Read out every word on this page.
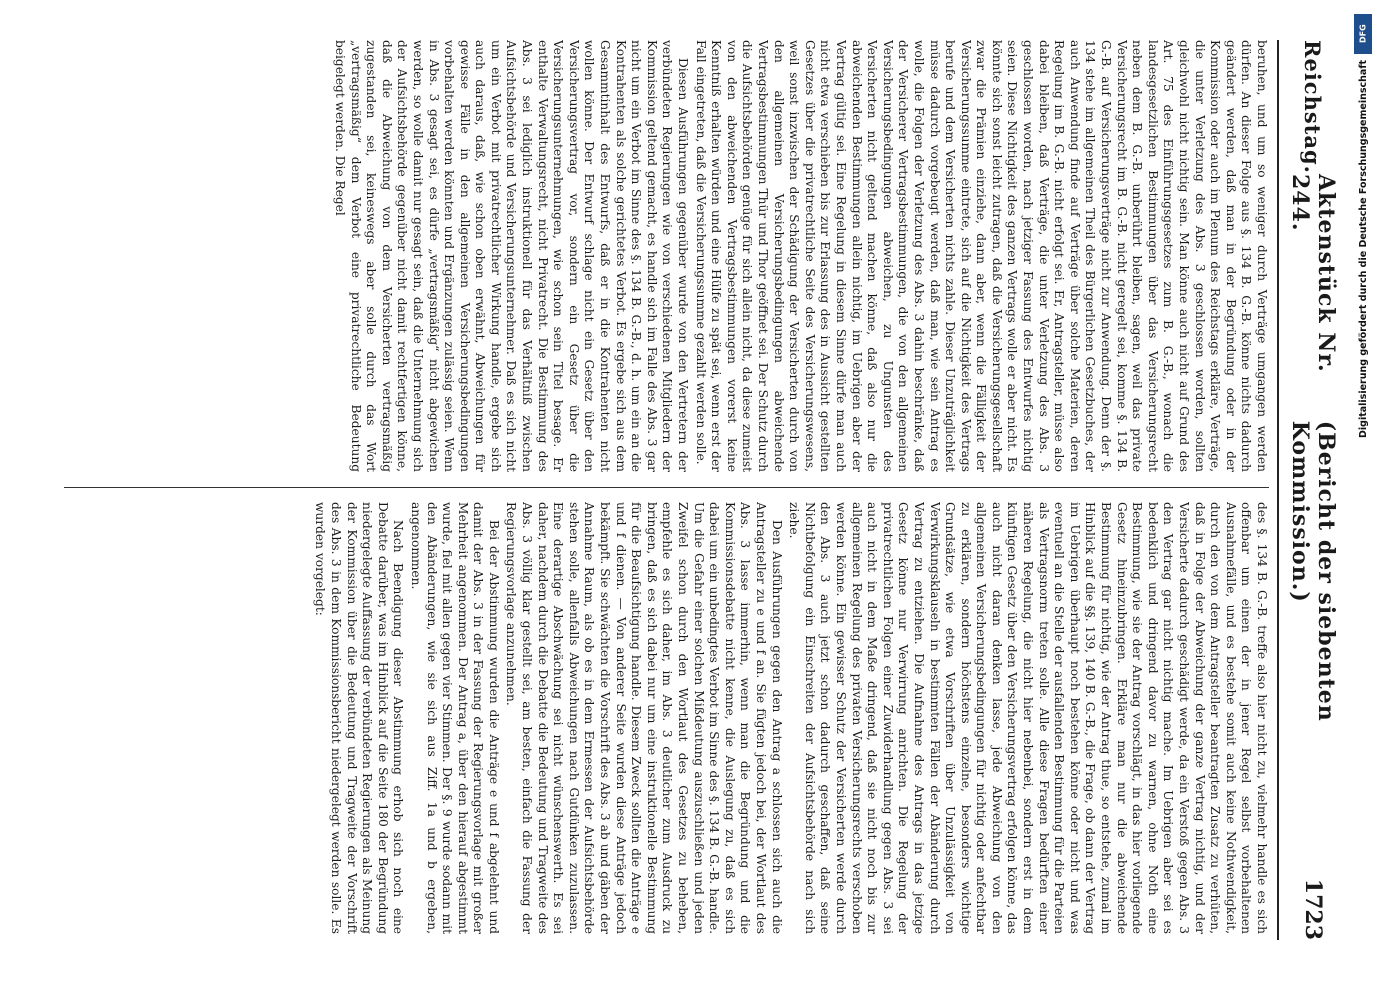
Reichstag.
Aktenstück Nr. 244.
(Bericht der siebenten Kommission.)
1723

beruhen, und um so weniger durch Verträge umgangen werden dürfen. An dieser Folge aus §. 134 B. G.-B. könne nichts dadurch geändert werden, daß man in der Begründung oder in der Kommission oder auch im Plenum des Reichstags erkläre, Verträge, die unter Verletzung des Abs. 3 geschlossen worden, sollten gleichwohl nicht nichtig sein. Man könne auch nicht auf Grund des Art. 75 des Einführungsgesetzes zum B. G.-B., wonach die landesgesetzlichen Bestimmungen über das Versicherungsrecht neben dem B. G.-B. unberührt bleiben, sagen, weil das private Versicherungsrecht im B. G.-B. nicht geregelt sei, komme §. 134 B. G.-B. auf Versicherungsverträge nicht zur Anwendung. Denn der §. 134 stehe im allgemeinen Theil des Bürgerlichen Gesetzbuches, der auch Anwendung finde auf Verträge über solche Materien, deren Regelung im B. G.-B. nicht erfolgt sei. Er, Antragsteller, müsse also dabei bleiben, daß Verträge, die unter Verletzung des Abs. 3 geschlossen worden, nach jetziger Fassung des Entwurfes nichtig seien. Diese Nichtigkeit des ganzen Vertrags wolle er aber nicht. Es könnte sich sonst leicht zutragen, daß die Versicherungsgesellschaft zwar die Prämien einziehe, dann aber, wenn die Fälligkeit der Versicherungssumme eintrete, sich auf die Nichtigkeit des Vertrags berufe und dem Versicherten nichts zahle. Dieser Unzuträglichkeit müsse dadurch vorgebeugt werden, daß man, wie sein Antrag es wolle, die Folgen der Verletzung des Abs. 3 dahin beschränke, daß der Versicherer Vertragsbestimmungen, die von den allgemeinen Versicherungsbedingungen abweichen, zu Ungunsten des Versicherten nicht geltend machen könne, daß also nur die abweichenden Bestimmungen allein nichtig, im Uebrigen aber der Vertrag gültig sei. Eine Regelung in diesem Sinne dürfe man auch nicht etwa verschieben bis zur Erlassung des in Aussicht gestellten Gesetzes über die privatrechtliche Seite des Versicherungswesens, weil sonst inzwischen der Schädigung der Versicherten durch von den allgemeinen Versicherungsbedingungen abweichende Vertragsbestimmungen Thür und Thor geöffnet sei. Der Schutz durch die Aufsichtsbehörden genüge für sich allein nicht, da diese zumeist von den abweichenden Vertragsbestimmungen vorerst keine Kenntniß erhalten würden und eine Hülfe zu spät sei, wenn erst der Fall eingetreten, daß die Versicherungssumme gezahlt werden solle.

Diesen Ausführungen gegenüber wurde von den Vertretern der verbündeten Regierungen wie von verschiedenen Mitgliedern der Kommission geltend gemacht, es handle sich im Falle des Abs. 3 gar nicht um ein Verbot im Sinne des §. 134 B. G.-B., d. h. um ein an die Kontrahenten als solche gerichtetes Verbot. Es ergebe sich aus dem Gesammtinhalt des Entwurfs, daß er in die Kontrahenten nicht wollen könne. Der Entwurf schlage nicht ein Gesetz über den Versicherungsvertrag vor, sondern ein Gesetz über die Versicherungsunternehmungen, wie schon sein Titel besage. Er enthalte Verwaltungsrecht, nicht Privatrecht. Die Bestimmung des Abs. 3 sei lediglich instruktionell für das Verhältniß zwischen Aufsichtsbehörde und Versicherungsunternehmer. Daß es sich nicht um ein Verbot mit privatrechtlicher Wirkung handle, ergebe sich auch daraus, daß, wie schon oben erwähnt, Abweichungen für gewisse Fälle in den allgemeinen Versicherungsbedingungen vorbehalten werden könnten und Ergänzungen zulässig seien. Wenn in Abs. 3 gesagt sei, es dürfe „vertragsmäßig“ nicht abgewichen werden, so wolle damit nur gesagt sein, daß die Unternehmung sich der Aufsichtsbehörde gegenüber nicht damit rechtfertigen könne, daß die Abweichung von dem Versicherten vertragsmäßig zugestanden sei, keineswegs aber solle durch das Wort „vertragsmäßig“ dem Verbot eine privatrechtliche Bedeutung beigelegt werden. Die Regel

des §. 134 B. G.-B. treffe also hier nicht zu, vielmehr handle es sich offenbar um einen der in jener Regel selbst vorbehaltenen Ausnahmefälle, und es bestehe somit auch keine Nothwendigkeit, durch den von dem Antragsteller beantragten Zusatz zu verhüten, daß in Folge der Abweichung der ganze Vertrag nichtig, und der Versicherte dadurch geschädigt werde, da ein Verstoß gegen Abs. 3 den Vertrag gar nicht nichtig mache. Im Uebrigen aber sei es bedenklich und dringend davor zu warnen, ohne Noth eine Bestimmung, wie sie der Antrag vorschlägt, in das hier vorliegende Gesetz hineinzubringen. Erkläre man nur die abweichende Bestimmung für nichtig, wie der Antrag thue, so entstehe, zumal im Hinblick auf die §§. 139, 140 B. G.-B., die Frage, ob dann der Vertrag im Uebrigen überhaupt noch bestehen könne oder nicht und was eventuell an die Stelle der ausfallenden Bestimmung für die Parteien als Vertragsnorm treten solle. Alle diese Fragen bedürften einer näheren Regelung, die nicht hier nebenbei, sondern erst in dem künftigen Gesetz über den Versicherungsvertrag erfolgen könne, das auch nicht daran denken lasse, jede Abweichung von den allgemeinen Versicherungsbedingungen für nichtig oder anfechtbar zu erklären, sondern höchstens einzelne, besonders wichtige Grundsätze, wie etwa Vorschriften über Unzulässigkeit von Verwirkungsklauseln in bestimmten Fällen der Abänderung durch Vertrag zu entziehen. Die Aufnahme des Antrags in das jetzige Gesetz könne nur Verwirrung anrichten. Die Regelung der privatrechtlichen Folgen einer Zuwiderhandlung gegen Abs. 3 sei auch nicht in dem Maße dringend, daß sie nicht noch bis zur allgemeinen Regelung des privaten Versicherungsrechts verschoben werden könne. Ein gewisser Schutz der Versicherten werde durch den Abs. 3 auch jetzt schon dadurch geschaffen, daß seine Nichtbefolgung ein Einschreiten der Aufsichtsbehörde nach sich ziehe.

Den Ausführungen gegen den Antrag a schlossen sich auch die Antragsteller zu e und f an. Sie fügten jedoch bei, der Wortlaut des Abs. 3 lasse immerhin, wenn man die Begründung und die Kommissionsdebatte nicht kenne, die Auslegung zu, daß es sich dabei um ein unbedingtes Verbot im Sinne des §. 134 B. G.-B. handle. Um die Gefahr einer solchen Mißdeutung auszuschließen und jeden Zweifel schon durch den Wortlaut des Gesetzes zu beheben, empfehle es sich daher, im Abs. 3 deutlicher zum Ausdruck zu bringen, daß es sich dabei nur um eine instruktionelle Bestimmung für die Beaufsichtigung handle. Diesem Zweck sollten die Anträge e und f dienen. — Von anderer Seite wurden diese Anträge jedoch bekämpft. Sie schwächten die Vorschrift des Abs. 3 ab und gäben der Annahme Raum, als ob es in dem Ermessen der Aufsichtsbehörde stehen solle, allenfalls Abweichungen nach Gutdünken zuzulassen. Eine derartige Abschwächung sei nicht wünschenswerth. Es sei daher, nachdem durch die Debatte die Bedeutung und Tragweite des Abs. 3 völlig klar gestellt sei, am besten, einfach die Fassung der Regierungsvorlage anzunehmen.

Bei der Abstimmung wurden die Anträge e und f abgelehnt und damit der Abs. 3 in der Fassung der Regierungsvorlage mit großer Mehrheit angenommen. Der Antrag a, über den hierauf abgestimmt wurde, fiel mit allen gegen vier Stimmen. Der §. 9 wurde sodann mit den Abänderungen, wie sie sich aus Ziff. 1a und b ergeben, angenommen.

Nach Beendigung dieser Abstimmung erhob sich noch eine Debatte darüber, was im Hinblick auf die Seite 180 der Begründung niedergelegte Auffassung der verbündeten Regierungen als Meinung der Kommission über die Bedeutung und Tragweite der Vorschrift des Abs. 3 in dem Kommissionsbericht niedergelegt werden solle. Es wurden vorgelegt:

DFG
Digitalisierung gefördert durch die Deutsche Forschungsgemeinschaft
